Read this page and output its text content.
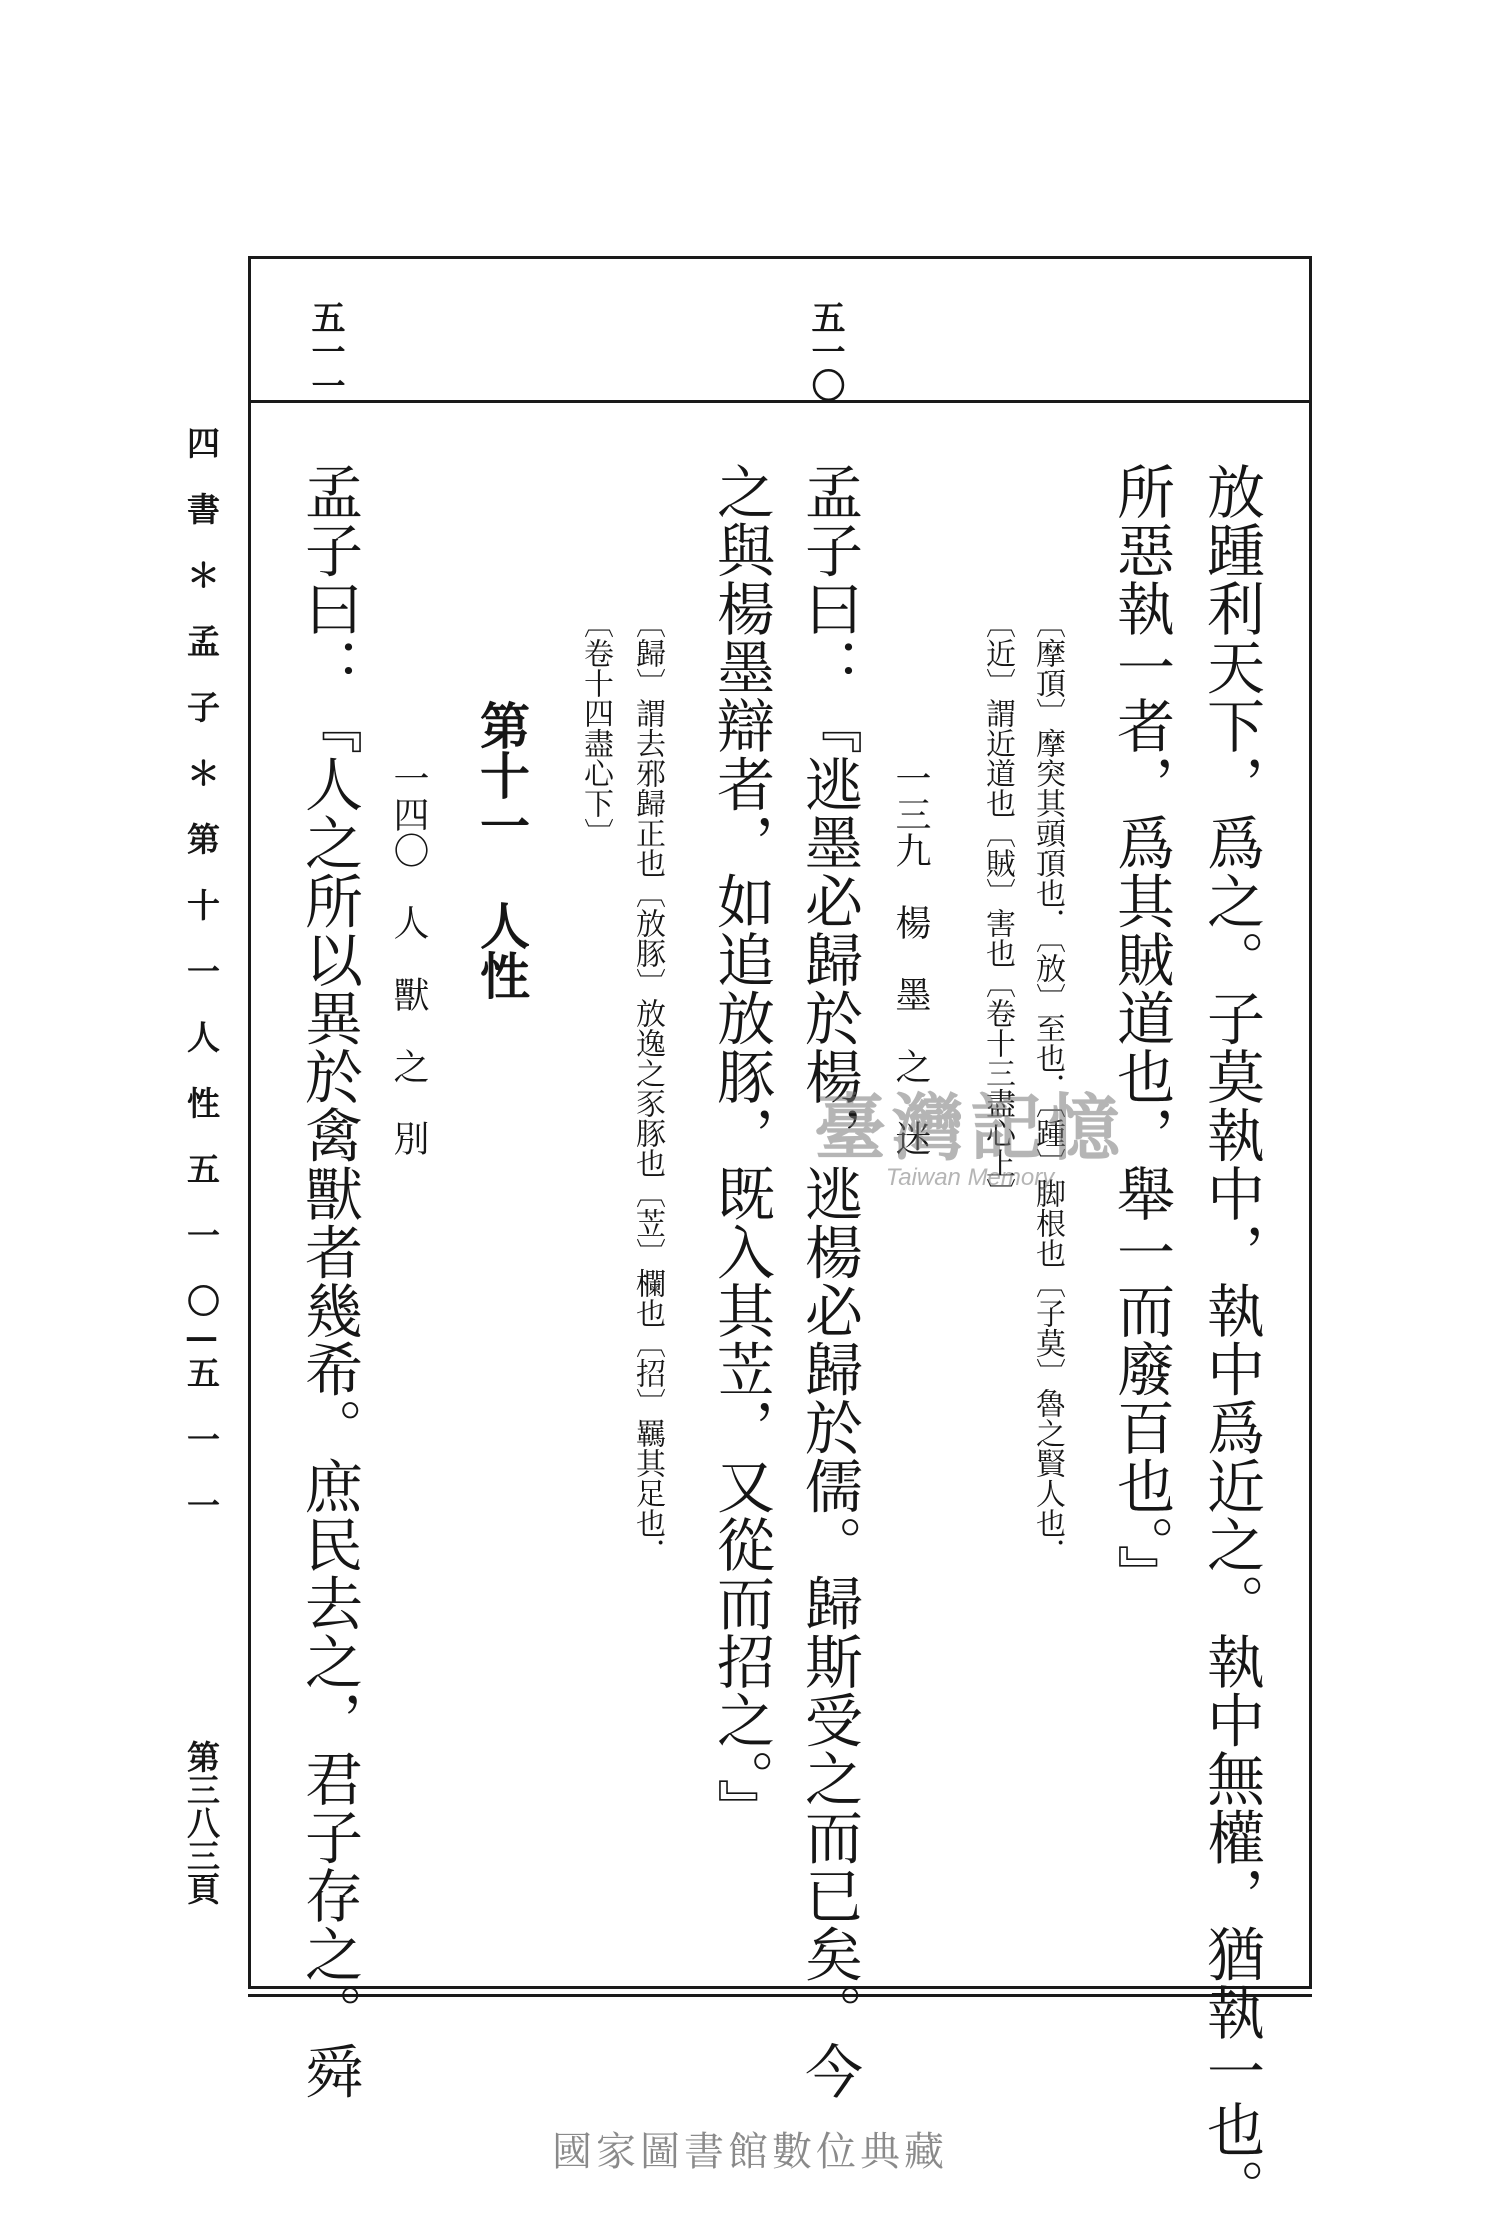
五一〇
五一一
放踵利天下，爲之。子莫執中，執中爲近之。執中無權，猶執一也。
所惡執一者，爲其賊道也，舉一而廢百也。』
〔摩頂〕摩突其頭頂也．〔放〕至也．〔踵〕脚根也〔子莫〕魯之賢人也．
〔近〕謂近道也〔賊〕害也〔卷十三盡心上〕
一三九　楊　墨　之　迷
孟子曰：『逃墨必歸於楊，逃楊必歸於儒。歸斯受之而已矣。今
之與楊墨辯者，如追放豚，既入其苙，又從而招之。』
〔歸〕謂去邪歸正也〔放豚〕放逸之豕豚也〔苙〕欄也〔招〕羈其足也．
〔卷十四盡心下〕
第十一　人性
一四〇　人　獸　之　別
孟子曰：『人之所以異於禽獸者幾希。庶民去之，君子存之。舜
四　書　＊　孟　子　＊　第　十　一　人　性　五　一　〇—五　一　一
第三八三頁
臺灣記憶
Taiwan Memory
國家圖書館數位典藏
